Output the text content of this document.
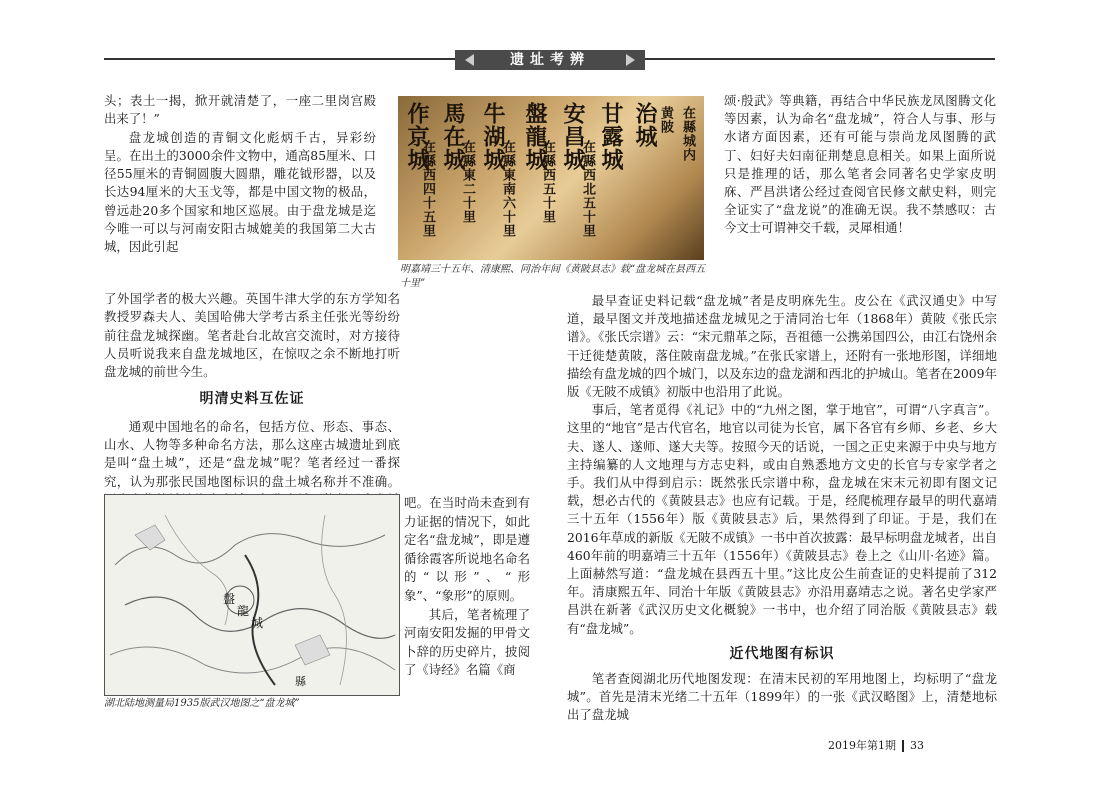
遗址考辨

头；表土一揭，掀开就清楚了，一座二里岗宫殿出来了！”

盘龙城创造的青铜文化彪炳千古，异彩纷呈。在出土的3000余件文物中，通高85厘米、口径55厘米的青铜圆腹大圆鼎，雕花钺形器，以及长达94厘米的大玉戈等，都是中国文物的极品，曾远赴20多个国家和地区巡展。由于盘龙城是迄今唯一可以与河南安阳古城媲美的我国第二大古城，因此引起

作京城 馬在城 牛湖城 盤龍城 安昌城 甘露城 治城
在縣西四十五里 在縣東二十里 在縣東南六十里 在縣西五十里 在縣西北五十里
黄陂 在縣城内
明嘉靖三十五年、清康熙、同治年间《黄陂县志》载“盘龙城在县西五十里”

了外国学者的极大兴趣。英国牛津大学的东方学知名教授罗森夫人、美国哈佛大学考古系主任张光等纷纷前往盘龙城探幽。笔者赴台北故宫交流时，对方接待人员听说我来自盘龙城地区，在惊叹之余不断地打听盘龙城的前世今生。

明清史料互佐证

通观中国地名的命名，包括方位、形态、事态、山水、人物等多种命名方法，那么这座古城遗址到底是叫“盘土城”，还是“盘龙城”呢？笔者经过一番探究，认为那张民国地图标识的盘土城名称并不准确。

盤
龍
城
縣
湖北陆地测量局1935版武汉地图之“盘龙城”

吧。在当时尚未查到有力证据的情况下，如此定名“盘龙城”，即是遵循徐霞客所说地名命名的“以形”、“形象”、“象形”的原则。

其后，笔者梳理了河南安阳发掘的甲骨文卜辞的历史碎片，披阅了《诗经》名篇《商

颂·殷武》等典籍，再结合中华民族龙凤图腾文化等因素，认为命名“盘龙城”，符合人与事、形与水诸方面因素，还有可能与崇尚龙凤图腾的武丁、妇好夫妇南征荆楚息息相关。如果上面所说只是推理的话，那么笔者会同著名史学家皮明庥、严昌洪诸公经过查阅官民修文献史料，则完全证实了“盘龙说”的准确无误。我不禁感叹：古今文士可谓神交千载，灵犀相通！

最早查证史料记载“盘龙城”者是皮明庥先生。皮公在《武汉通史》中写道，最早图文并茂地描述盘龙城见之于清同治七年（1868年）黄陂《张氏宗谱》。《张氏宗谱》云：“宋元鼎革之际，吾祖德一公携弟国四公，由江右饶州余干迁徙楚黄陂，落住陂南盘龙城。”在张氏家谱上，还附有一张地形图，详细地描绘有盘龙城的四个城门，以及东边的盘龙湖和西北的护城山。笔者在2009年版《无陂不成镇》初版中也沿用了此说。

事后，笔者觅得《礼记》中的“九州之图，掌于地官”，可谓“八字真言”。这里的“地官”是古代官名，地官以司徒为长官，属下各官有乡师、乡老、乡大夫、遂人、遂师、遂大夫等。按照今天的话说，一国之正史来源于中央与地方主持编纂的人文地理与方志史料，或由自熟悉地方文史的长官与专家学者之手。我们从中得到启示：既然张氏宗谱中称，盘龙城在宋末元初即有图文记载，想必古代的《黄陂县志》也应有记载。于是，经爬梳理存最早的明代嘉靖三十五年（1556年）版《黄陂县志》后，果然得到了印证。于是，我们在2016年草成的新版《无陂不成镇》一书中首次披露：最早标明盘龙城者，出自460年前的明嘉靖三十五年（1556年）《黄陂县志》卷上之《山川·名迹》篇。上面赫然写道：“盘龙城在县西五十里。”这比皮公生前查证的史料提前了312年。清康熙五年、同治十年版《黄陂县志》亦沿用嘉靖志之说。著名史学家严昌洪在新著《武汉历史文化概貌》一书中，也介绍了同治版《黄陂县志》载有“盘龙城”。

近代地图有标识

笔者查阅湖北历代地图发现：在清末民初的军用地图上，均标明了“盘龙城”。首先是清末光绪二十五年（1899年）的一张《武汉略图》上，清楚地标出了盘龙城

2019年第1期 33
